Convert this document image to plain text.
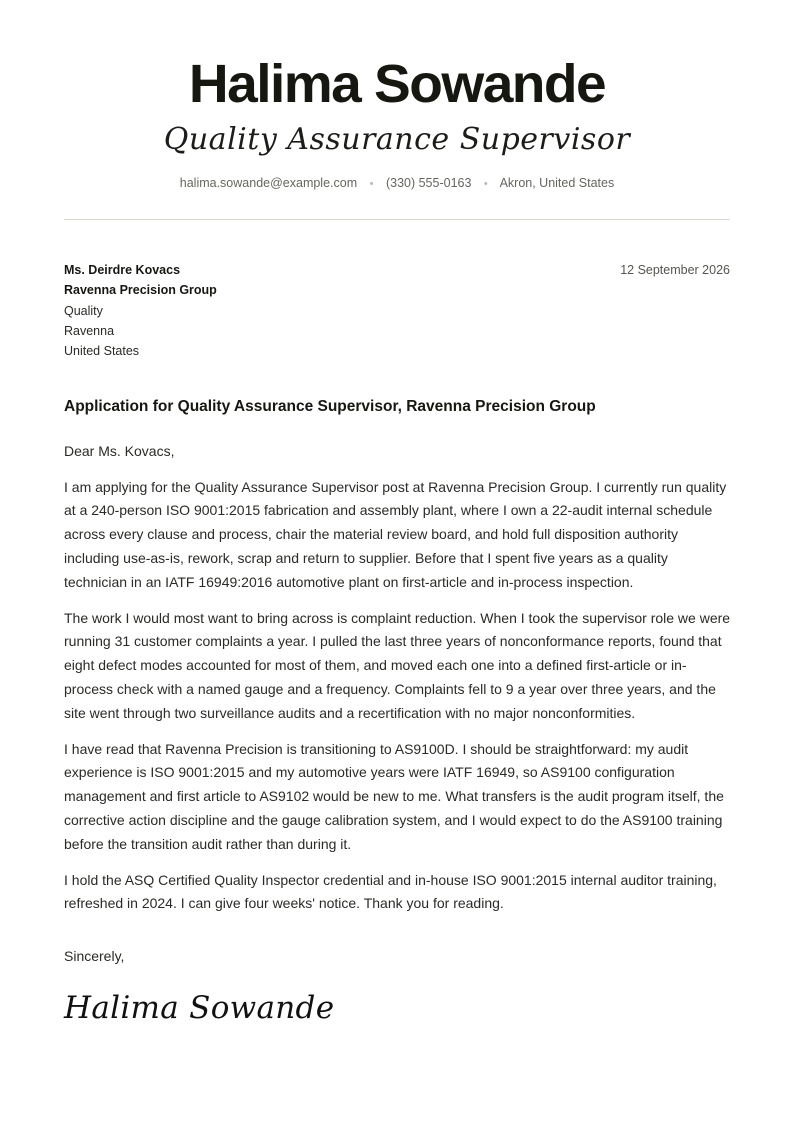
Halima Sowande
Quality Assurance Supervisor
halima.sowande@example.com • (330) 555-0163 • Akron, United States
Ms. Deirdre Kovacs
Ravenna Precision Group
Quality
Ravenna
United States
12 September 2026
Application for Quality Assurance Supervisor, Ravenna Precision Group

Dear Ms. Kovacs,

I am applying for the Quality Assurance Supervisor post at Ravenna Precision Group. I currently run quality at a 240-person ISO 9001:2015 fabrication and assembly plant, where I own a 22-audit internal schedule across every clause and process, chair the material review board, and hold full disposition authority including use-as-is, rework, scrap and return to supplier. Before that I spent five years as a quality technician in an IATF 16949:2016 automotive plant on first-article and in-process inspection.

The work I would most want to bring across is complaint reduction. When I took the supervisor role we were running 31 customer complaints a year. I pulled the last three years of nonconformance reports, found that eight defect modes accounted for most of them, and moved each one into a defined first-article or in-process check with a named gauge and a frequency. Complaints fell to 9 a year over three years, and the site went through two surveillance audits and a recertification with no major nonconformities.

I have read that Ravenna Precision is transitioning to AS9100D. I should be straightforward: my audit experience is ISO 9001:2015 and my automotive years were IATF 16949, so AS9100 configuration management and first article to AS9102 would be new to me. What transfers is the audit program itself, the corrective action discipline and the gauge calibration system, and I would expect to do the AS9100 training before the transition audit rather than during it.

I hold the ASQ Certified Quality Inspector credential and in-house ISO 9001:2015 internal auditor training, refreshed in 2024. I can give four weeks' notice. Thank you for reading.

Sincerely,
Halima Sowande
